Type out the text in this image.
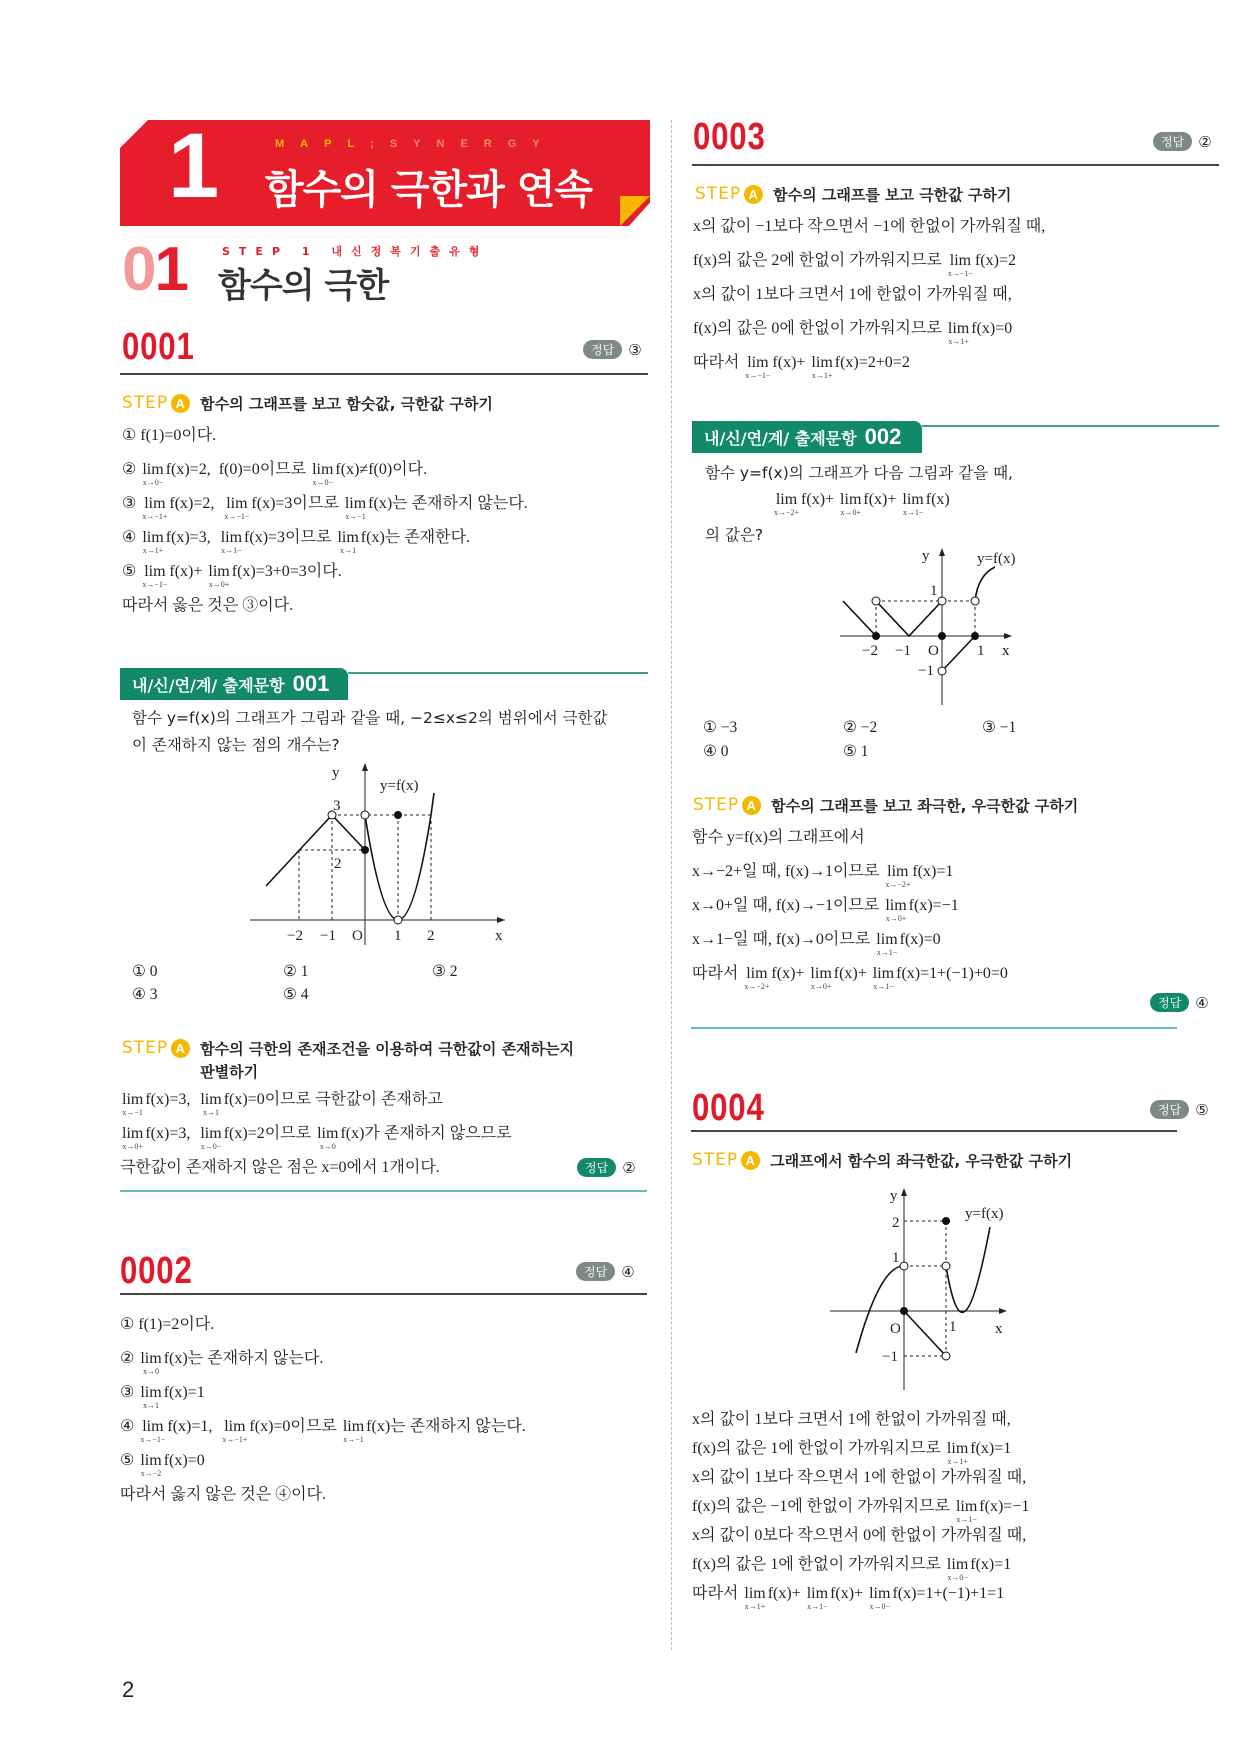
1	MAPL;SYNERGY
함수의 극한과 연속
01	STEP 1 내신정복기출유형
함수의 극한
0001	정답 ③
STEP A 함수의 그래프를 보고 함숫값, 극한값 구하기
① f(1)=0이다.
② lim
x→0−
f(x)=2,  f(0)=0이므로 lim
x→0−
f(x)≠f(0)이다.
③ lim
x→−1+
f(x)=2, lim
x→−1−
f(x)=3이므로 lim
x→−1
f(x)는 존재하지 않는다.
④ lim
x→1+
f(x)=3, lim
x→1−
f(x)=3이므로 lim
x→1
f(x)는 존재한다.
⑤ lim
x→−1−
f(x)+ lim
x→0+
f(x)=3+0=3이다.
따라서 옳은 것은 ③이다.
내/신/연/계/ 출제문항 001
함수 y=f(x)의 그래프가 그림과 같을 때, −2≤x≤2의 범위에서 극한값
이 존재하지 않는 점의 개수는?
y
x
O
y=f(x)
−2 −1	1 2
2
3
① 0	② 1	③ 2
④ 3	⑤ 4
STEP A 함수의 극한의 존재조건을 이용하여 극한값이 존재하는지
판별하기
lim
x→−1
f(x)=3, lim
x→1
f(x)=0이므로 극한값이 존재하고
lim
x→0+
f(x)=3, lim
x→0−
f(x)=2이므로 lim
x→0
f(x)가 존재하지 않으므로
극한값이 존재하지 않은 점은 x=0에서 1개이다.	정답 ②
0002	정답 ④
① f(1)=2이다.
② lim
x→0
f(x)는 존재하지 않는다.
③ lim
x→1
f(x)=1
④ lim
x→−1−
f(x)=1, lim
x→−1+
f(x)=0이므로 lim
x→−1
f(x)는 존재하지 않는다.
⑤ lim
x→−2
f(x)=0
따라서 옳지 않은 것은 ④이다.
0003	정답 ②
STEP A 함수의 그래프를 보고 극한값 구하기
x의 값이 −1보다 작으면서 −1에 한없이 가까워질 때,
f(x)의 값은 2에 한없이 가까워지므로 lim
x→−1−
f(x)=2
x의 값이 1보다 크면서 1에 한없이 가까워질 때,
f(x)의 값은 0에 한없이 가까워지므로 lim
x→1+
f(x)=0
따라서 lim
x→−1−
f(x)+ lim
x→1+
f(x)=2+0=2
내/신/연/계/ 출제문항 002
함수 y=f(x)의 그래프가 다음 그림과 같을 때,
lim
x→−2+
f(x)+ lim
x→0+
f(x)+ lim
x→1−
f(x)
의 값은?
y
x
O
y=f(x)
−2 −1	1
1
−1
① −3	② −2	③ −1
④ 0	⑤ 1
STEP A 함수의 그래프를 보고 좌극한, 우극한값 구하기
함수 y=f(x)의 그래프에서
x→−2+일 때, f(x)→1이므로 lim
x→−2+
f(x)=1
x→0+일 때, f(x)→−1이므로 lim
x→0+
f(x)=−1
x→1−일 때, f(x)→0이므로 lim
x→1−
f(x)=0
따라서 lim
x→−2+
f(x)+ lim
x→0+
f(x)+ lim
x→1−
f(x)=1+(−1)+0=0
정답 ④
0004	정답 ⑤
STEP A 그래프에서 함수의 좌극한값, 우극한값 구하기
y
x
O
y=f(x)
2
1
1
−1
x의 값이 1보다 크면서 1에 한없이 가까워질 때,
f(x)의 값은 1에 한없이 가까워지므로 lim
x→1+
f(x)=1
x의 값이 1보다 작으면서 1에 한없이 가까워질 때,
f(x)의 값은 −1에 한없이 가까워지므로 lim
x→1−
f(x)=−1
x의 값이 0보다 작으면서 0에 한없이 가까워질 때,
f(x)의 값은 1에 한없이 가까워지므로 lim
x→0−
f(x)=1
따라서 lim
x→1+
f(x)+ lim
x→1−
f(x)+ lim
x→0−
f(x)=1+(−1)+1=1
2
